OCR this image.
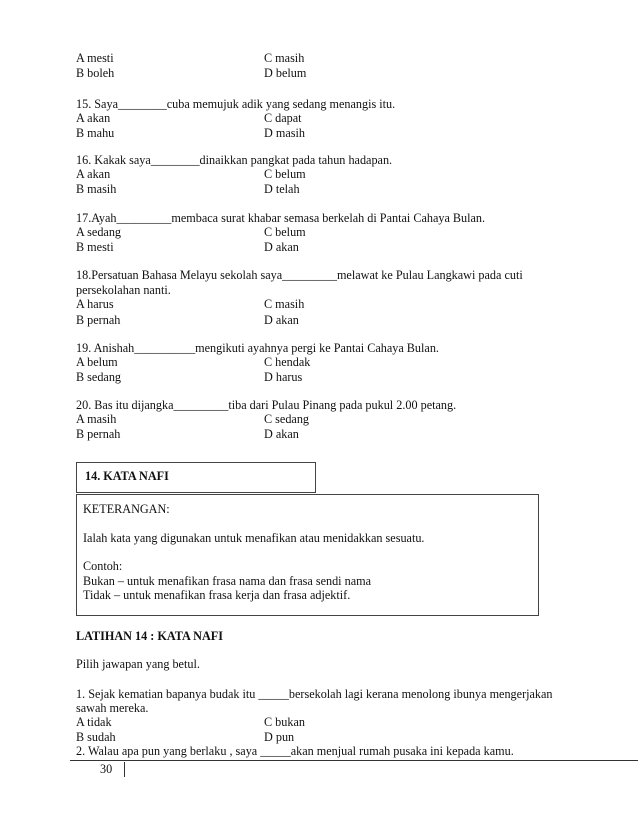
A mesti	C masih
B boleh	D belum
15. Saya________cuba memujuk adik yang sedang menangis itu.
A akan	C dapat
B mahu	D masih
16. Kakak saya________dinaikkan pangkat pada tahun hadapan.
A akan	C belum
B masih	D telah
17.Ayah_________membaca surat khabar semasa berkelah di Pantai Cahaya Bulan.
A sedang	C belum
B mesti	D akan
18.Persatuan Bahasa Melayu sekolah saya_________melawat ke Pulau Langkawi pada cuti
persekolahan nanti.
A harus	C masih
B pernah	D akan
19. Anishah__________mengikuti ayahnya pergi ke Pantai Cahaya Bulan.
A belum	C hendak
B sedang	D harus
20. Bas itu dijangka_________tiba dari Pulau Pinang pada pukul 2.00 petang.
A masih	C sedang
B pernah	D akan
14. KATA NAFI
KETERANGAN:
Ialah kata yang digunakan untuk menafikan atau menidakkan sesuatu.
Contoh:
Bukan – untuk menafikan frasa nama dan frasa sendi nama
Tidak – untuk menafikan frasa kerja dan frasa adjektif.
LATIHAN 14 : KATA NAFI
Pilih jawapan yang betul.
1. Sejak kematian bapanya budak itu _____bersekolah lagi kerana menolong ibunya mengerjakan
sawah mereka.
A tidak	C bukan
B sudah	D pun
2. Walau apa pun yang berlaku , saya _____akan menjual rumah pusaka ini kepada kamu.
30
